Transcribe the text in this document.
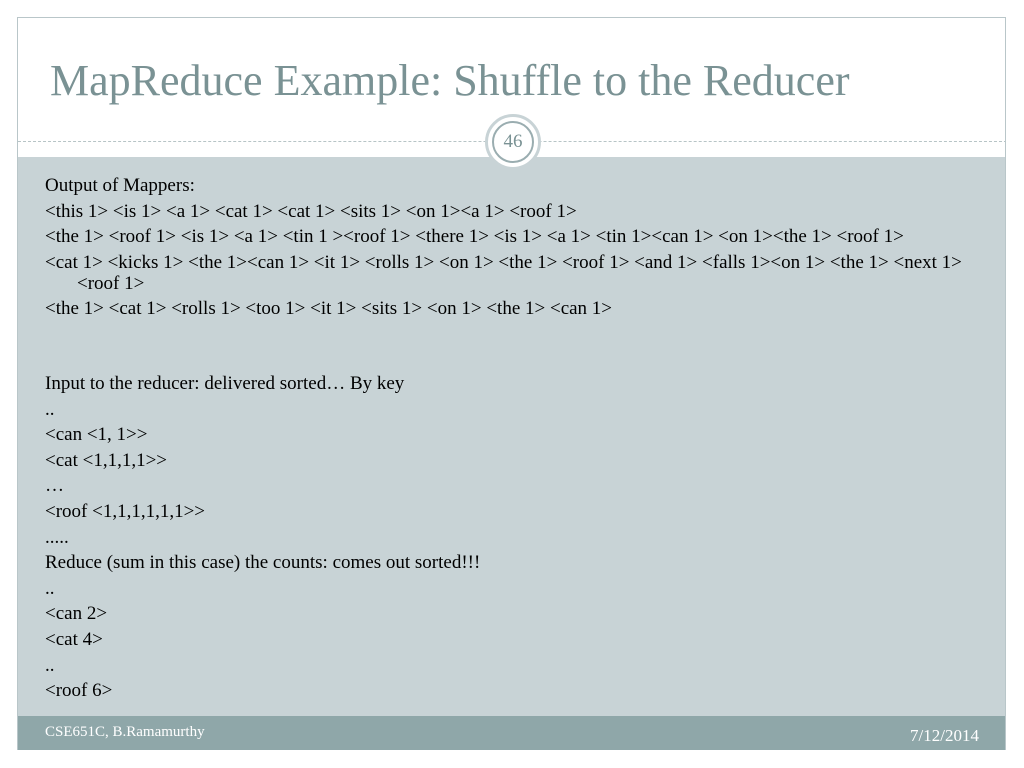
MapReduce Example: Shuffle to the Reducer
46
Output of Mappers:
<this 1> <is 1> <a 1> <cat 1> <cat 1> <sits 1> <on 1><a 1> <roof 1>
<the 1> <roof 1> <is 1> <a 1> <tin 1 ><roof 1> <there 1> <is 1> <a 1> <tin 1><can 1> <on 1><the 1> <roof 1>
<cat 1> <kicks 1> <the 1><can 1> <it 1> <rolls 1> <on 1> <the 1> <roof 1> <and 1> <falls 1><on 1> <the 1> <next 1> <roof 1>
<the 1> <cat 1> <rolls 1> <too 1> <it 1> <sits 1> <on 1> <the 1> <can 1>
Input to the reducer: delivered sorted… By key
..
<can <1, 1>>
<cat <1,1,1,1>>
…
<roof <1,1,1,1,1,1>>
.....
Reduce (sum in this case) the counts: comes out sorted!!!
..
<can 2>
<cat 4>
..
<roof 6>
CSE651C, B.Ramamurthy	7/12/2014
